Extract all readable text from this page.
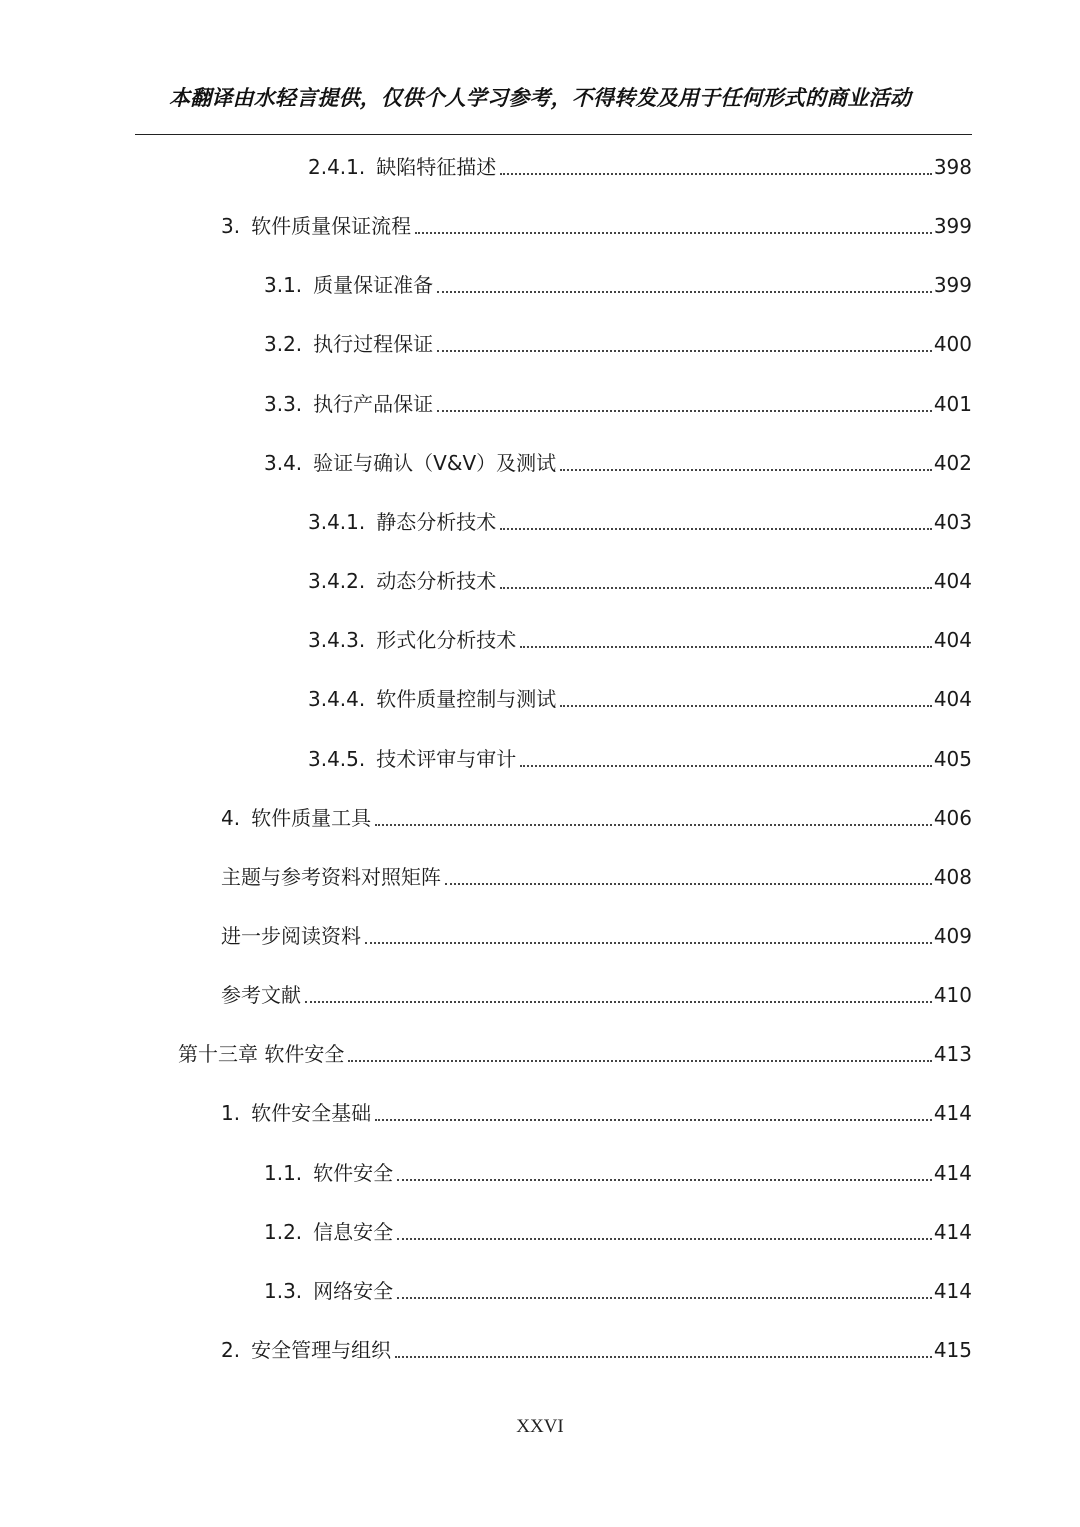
本翻译由水轻言提供，仅供个人学习参考，不得转发及用于任何形式的商业活动
2.4.1. 缺陷特征描述	398
3. 软件质量保证流程	399
3.1. 质量保证准备	399
3.2. 执行过程保证	400
3.3. 执行产品保证	401
3.4. 验证与确认（V&V）及测试	402
3.4.1. 静态分析技术	403
3.4.2. 动态分析技术	404
3.4.3. 形式化分析技术	404
3.4.4. 软件质量控制与测试	404
3.4.5. 技术评审与审计	405
4. 软件质量工具	406
主题与参考资料对照矩阵	408
进一步阅读资料	409
参考文献	410
第十三章 软件安全	413
1. 软件安全基础	414
1.1. 软件安全	414
1.2. 信息安全	414
1.3. 网络安全	414
2. 安全管理与组织	415
XXVI
